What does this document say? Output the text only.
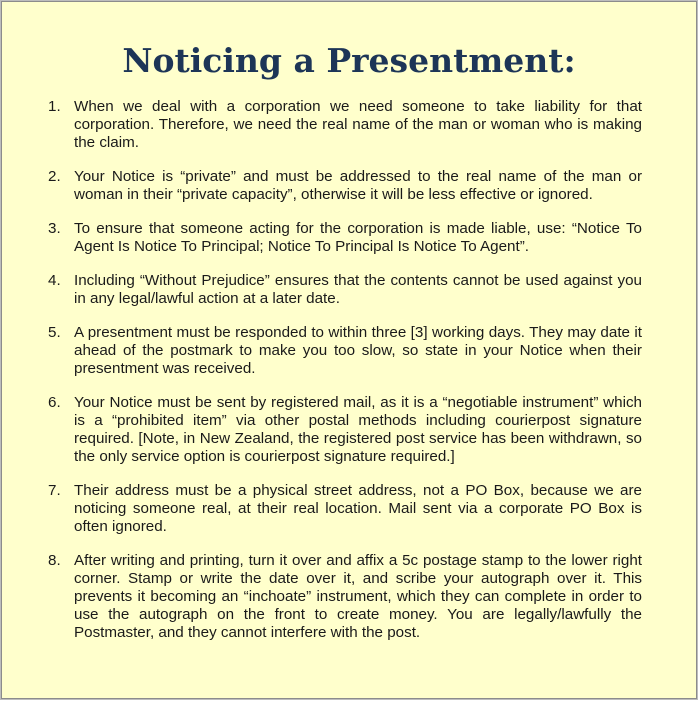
Noticing a Presentment:
1. When we deal with a corporation we need someone to take liability for that corporation. Therefore, we need the real name of the man or woman who is making the claim.
2. Your Notice is “private” and must be addressed to the real name of the man or woman in their “private capacity”, otherwise it will be less effective or ignored.
3. To ensure that someone acting for the corporation is made liable, use: “Notice To Agent Is Notice To Principal; Notice To Principal Is Notice To Agent”.
4. Including “Without Prejudice” ensures that the contents cannot be used against you in any legal/lawful action at a later date.
5. A presentment must be responded to within three [3] working days. They may date it ahead of the postmark to make you too slow, so state in your Notice when their presentment was received.
6. Your Notice must be sent by registered mail, as it is a “negotiable instrument” which is a “prohibited item” via other postal methods including courierpost signature required. [Note, in New Zealand, the registered post service has been withdrawn, so the only service option is courierpost signature required.]
7. Their address must be a physical street address, not a PO Box, because we are noticing someone real, at their real location. Mail sent via a corporate PO Box is often ignored.
8. After writing and printing, turn it over and affix a 5c postage stamp to the lower right corner. Stamp or write the date over it, and scribe your autograph over it. This prevents it becoming an “inchoate” instrument, which they can complete in order to use the autograph on the front to create money. You are legally/lawfully the Postmaster, and they cannot interfere with the post.
